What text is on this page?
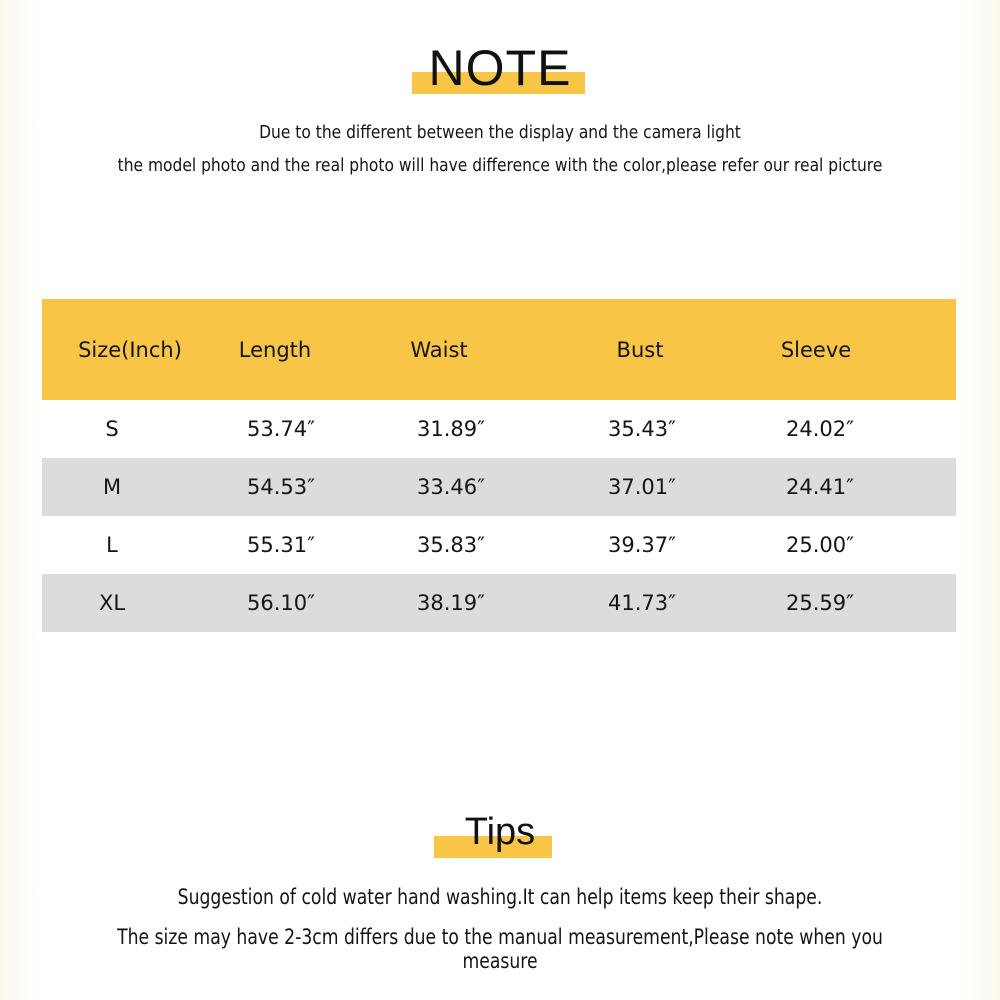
NOTE
Due to the different between the display and the camera light
the model photo and the real photo will have difference with the color,please refer our real picture
Size(Inch)	Length	Waist	Bust	Sleeve
S	53.74″	31.89″	35.43″	24.02″
M	54.53″	33.46″	37.01″	24.41″
L	55.31″	35.83″	39.37″	25.00″
XL	56.10″	38.19″	41.73″	25.59″
Tips
Suggestion of cold water hand washing.It can help items keep their shape.
The size may have 2-3cm differs due to the manual measurement,Please note when you measure
